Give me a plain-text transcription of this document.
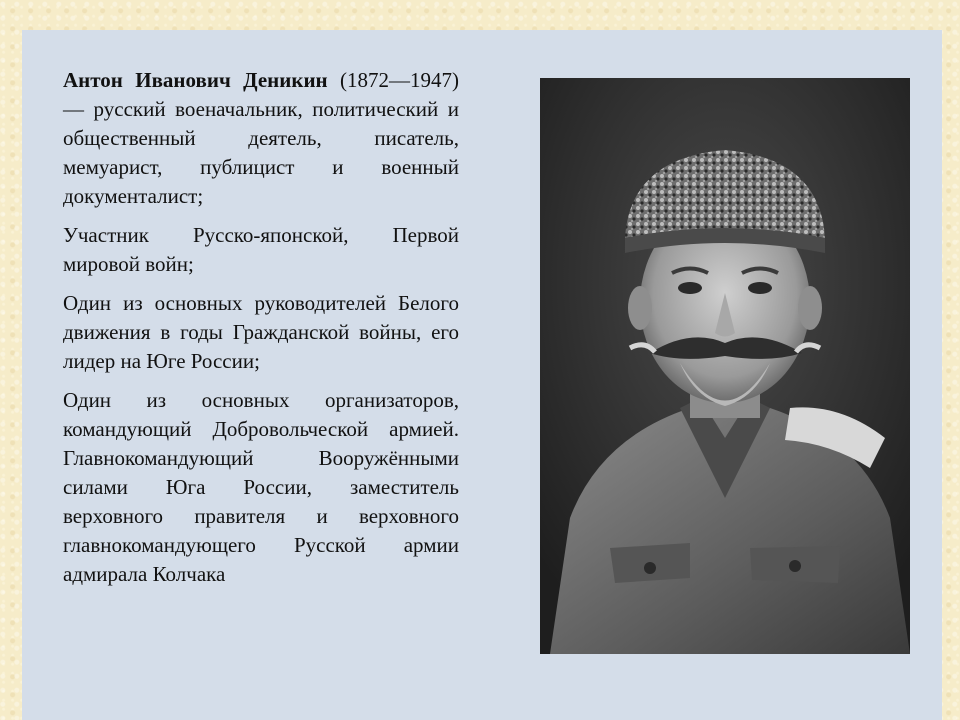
Антон Иванович Деникин (1872—1947) — русский военачальник, политический и общественный деятель, писатель, мемуарист, публицист и военный документалист;

Участник Русско-японской, Первой мировой войн;

Один из основных руководителей Белого движения в годы Гражданской войны, его лидер на Юге России;

Один из основных организаторов, командующий Добровольческой армией. Главнокомандующий Вооружёнными силами Юга России, заместитель верховного правителя и верховного главнокомандующего Русской армии адмирала Колчака
